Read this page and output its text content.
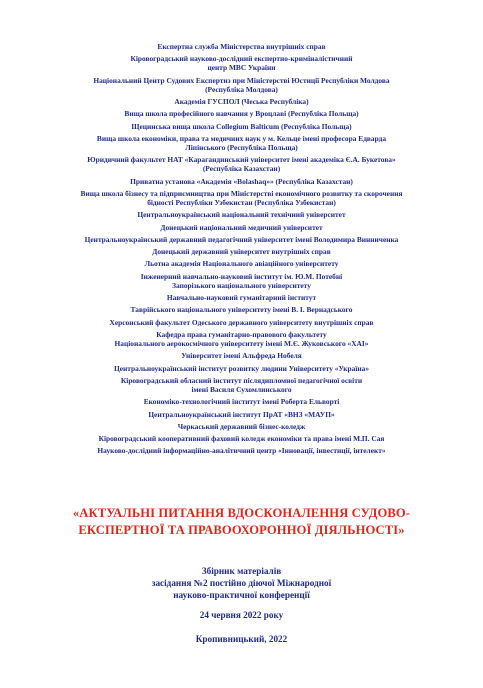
Експертна служба Міністерства внутрішніх справ
Кіровоградський науково-дослідний експертно-криміналістичний
центр МВС України
Національний Центр Судових Експертиз при Міністерстві Юстиції Республіки Молдова
(Республіка Молдова)
Академія ГУСПОЛ (Чеська Республіка)
Вища школа професійного навчання у Вроцлаві (Республіка Польща)
Щецинська вища школа Collegium Balticum (Республіка Польща)
Вища школа економіки, права та медичних наук у м. Кельце імені професора Едварда
Ліпінського (Республіка Польща)
Юридичний факультет НАТ «Карагандинський університет імені академіка Є.А. Букетова»
(Республіка Казахстан)
Приватна установа «Академія «Bolashaq»» (Республіка Казахстан)
Вища школа бізнесу та підприємництва при Міністерстві економічного розвитку та скорочення
бідності Республіки Узбекистан (Республіка Узбекистан)
Центральноукраїнський національний технічний університет
Донецький національний медичний університет
Центральноукраїнський державний педагогічний університет імені Володимира Винниченка
Донецький державний університет внутрішніх справ
Льотна академія Національного авіаційного університету
Інженерний навчально-науковий інститут ім. Ю.М. Потебні
Запорізького національного університету
Навчально-науковий гуманітарний інститут
Таврійського національного університету імені В. І. Вернадського
Херсонський факультет Одеського державного університету внутрішніх справ
Кафедра права гуманітарно-правового факультету
Національного аерокосмічного університету імені М.Є. Жуковського «ХАІ»
Університет імені Альфреда Нобеля
Центральноукраїнський інститут розвитку людини Університету «Україна»
Кіровоградський обласний інститут післядипломної педагогічної освіти
імені Василя Сухомлинського
Економіко-технологічний інститут імені Роберта Ельворті
Центральноукраїнський інститут ПрАТ «ВНЗ «МАУП»
Черкаський державний бізнес-коледж
Кіровоградський кооперативний фаховий коледж економіки та права імені М.П. Сая
Науково-дослідний інформаційно-аналітичний центр «Інновації, інвестиції, інтелект»
«АКТУАЛЬНІ ПИТАННЯ ВДОСКОНАЛЕННЯ СУДОВО-
ЕКСПЕРТНОЇ ТА ПРАВООХОРОННОЇ ДІЯЛЬНОСТІ»
Збірник матеріалів
засідання №2 постійно діючої Міжнародної
науково-практичної конференції
24 червня 2022 року
Кропивницький, 2022
